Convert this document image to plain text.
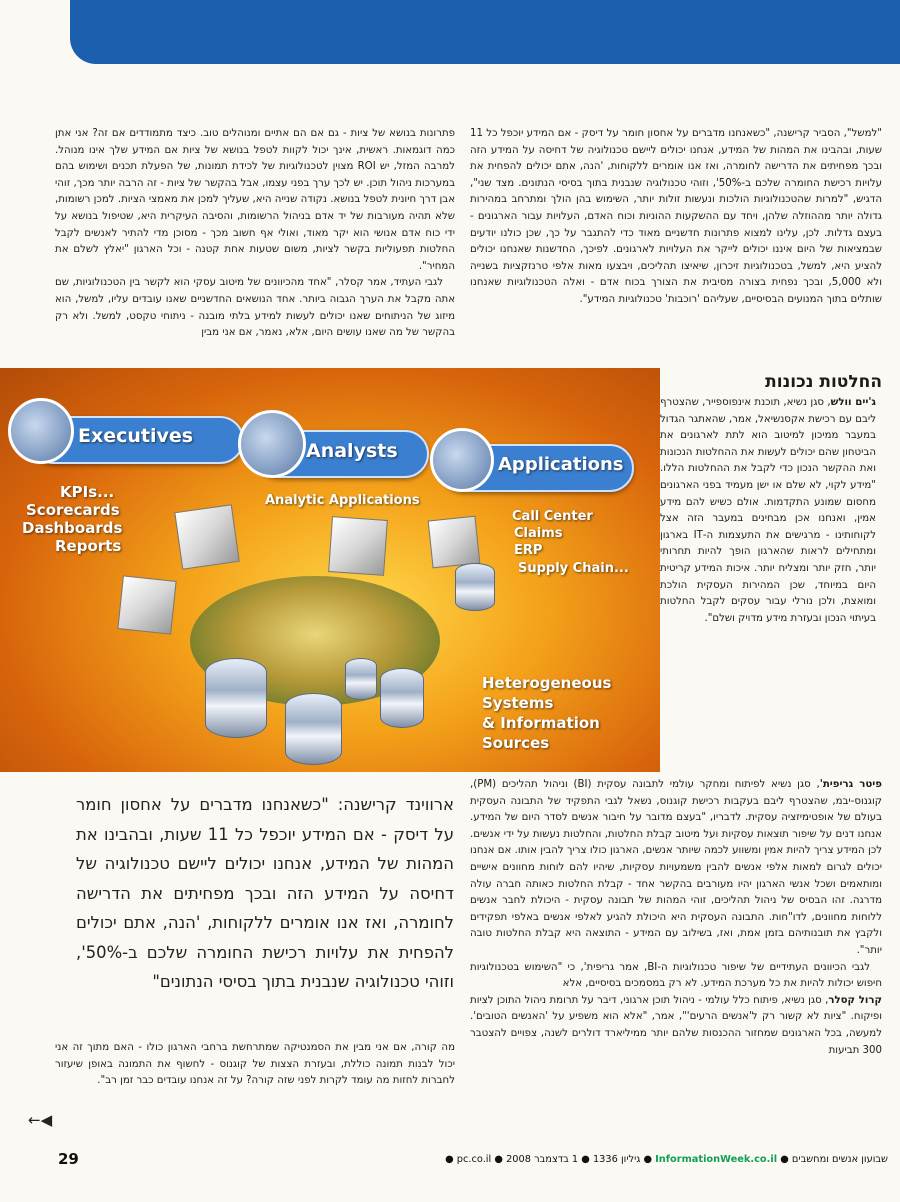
"למשל", הסביר קרישנה, "כשאנחנו מדברים על אחסון חומר על דיסק - אם המידע יוכפל כל 11 שעות, ובהבינו את המהות של המידע, אנחנו יכולים ליישם טכנולוגיה של דחיסה על המידע הזה ובכך מפחיתים את הדרישה לחומרה, ואז אנו אומרים ללקוחות, 'הנה, אתם יכולים להפחית את עלויות רכישת החומרה שלכם ב-50%', וזוהי טכנולוגיה שנבנית בתוך בסיסי הנתונים. מצד שני", הדגיש, "למרות שהטכנולוגיות הולכות ונעשות זולות יותר, השימוש בהן הולך ומתרחב במהירות גדולה יותר מההוזלה שלהן, ויחד עם ההשקעות ההוניות וכוח האדם, העלויות עבור הארגונים - בעצם גדלות. לכן, עלינו למצוא פתרונות חדשניים מאוד כדי להתגבר על כך, שכן כולנו יודעים שבמציאות של היום איננו יכולים לייקר את העלויות לארגונים. לפיכך, החדשנות שאנחנו יכולים להציע היא, למשל, בטכנולוגיות זיכרון, שיאיצו תהליכים, ויבצעו מאות אלפי טרנזקציות בשנייה ולא 5,000, ובכך נפחית בצורה מסיבית את הצורך בכוח אדם - ואלה הטכנולוגיות שאנחנו שותלים בתוך המנועים הבסיסיים, שעליהם 'רוכבות' טכנולוגיות המידע".

פתרונות בנושא של ציות - גם אם הם אתיים ומנוהלים טוב. כיצד מתמודדים אם זה? אני אתן כמה דוגמאות. ראשית, אינך יכול לקוות לטפל בנושא של ציות אם המידע שלך אינו מנוהל. למרבה המזל, יש ROI מצוין לטכנולוגיות של לכידת תמונות, של הפעלת תכנים ושימוש בהם במערכות ניהול תוכן. יש לכך ערך בפני עצמו, אבל בהקשר של ציות - זה הרבה יותר מכך, זוהי אבן דרך חיונית לטפל בנושא. נקודה שנייה היא, שעליך למכן את מאמצי הציות. למכן רשומות, שלא תהיה מעורבות של יד אדם בניהול הרשומות, והסיבה העיקרית היא, שטיפול בנושא על ידי כוח אדם אנושי הוא יקר מאוד, ואולי אף חשוב מכך - מסוכן מדי להתיר לאנשים לקבל החלטות תפעוליות בקשר לציות, משום שטעות אחת קטנה - וכל הארגון "יאלץ לשלם את המחיר".

לגבי העתיד, אמר קסלר, "אחד מהכיוונים של מיטוב עסקי הוא לקשר בין הטכנולוגיות, שם אתה מקבל את הערך הגבוה ביותר. אחד הנושאים החדשניים שאנו עובדים עליו, למשל, הוא מיזוג של הניתוחים שאנו יכולים לעשות למידע בלתי מובנה - ניתוחי טקסט, למשל. ולא רק בהקשר של מה שאנו עושים היום, אלא, נאמר, אם אני מבין

החלטות נכונות

ג'יים וולש, סגן נשיא, תוכנת אינפוספייר, שהצטרף ליבם עם רכישת אקסנשיאל, אמר, שהאתגר הגדול במעבר ממיכון למיטוב הוא לתת לארגונים את הביטחון שהם יכולים לעשות את ההחלטות הנכונות ואת ההקשר הנכון כדי לקבל את ההחלטות הללו. "מידע לקוי, לא שלם או ישן מעמיד בפני הארגונים מחסום שמונע התקדמות. אולם כשיש להם מידע אמין, ואנחנו אכן מבחינים במעבר הזה אצל לקוחותינו - מרגישים את התעצמות ה-IT בארגון ומתחילים לראות שהארגון הופך להיות תחרותי יותר, חזק יותר ומצליח יותר. איכות המידע קריטית היום במיוחד, שכן המהירות העסקית הולכת ומואצת, ולכן נורלי עבור עסקים לקבל החלטות בעיתוי הנכון ובעזרת מידע מדויק ושלם".

Executives
Analysts
Applications
KPIs...
Scorecards
Dashboards
Reports
Analytic Applications
Call Center
Claims
ERP
Supply Chain...
Heterogeneous
Systems
& Information Sources
ארווינד קרישנה: "כשאנחנו מדברים על אחסון חומר על דיסק - אם המידע יוכפל כל 11 שעות, ובהבינו את המהות של המידע, אנחנו יכולים ליישם טכנולוגיה של דחיסה על המידע הזה ובכך מפחיתים את הדרישה לחומרה, ואז אנו אומרים ללקוחות, 'הנה, אתם יכולים להפחית את עלויות רכישת החומרה שלכם ב-50%', וזוהי טכנולוגיה שנבנית בתוך בסיסי הנתונים"

פיטר גריפית', סגן נשיא לפיתוח ומחקר עולמי לתבונה עסקית (BI) וניהול תהליכים (PM), קוגנוס-יבמ, שהצטרף ליבם בעקבות רכישת קוגנוס, נשאל לגבי התפקיד של התבונה העסקית בעולם של אופטימיזציה עסקית. לדבריו, "בעצם מדובר על חיבור אנשים לסדר היום של המידע. אנחנו דנים על שיפור תוצאות עסקיות ועל מיטוב קבלת החלטות, והחלטות נעשות על ידי אנשים. לכן המידע צריך להיות אמין ומשווע לכמה שיותר אנשים, הארגון כולו צריך להבין אותו. אם אנחנו יכולים לגרום למאות אלפי אנשים להבין משמעויות עסקיות, שיהיו להם לוחות מחוונים אישיים ומותאמים ושכל אנשי הארגון יהיו מעורבים בהקשר אחד - קבלת החלטות כאותה חברה עולה מדרגה. זהו הבסיס של ניהול תהליכים, זוהי המהות של תבונה עסקית - היכולת לחבר אנשים ללוחות מחוונים, לדו"חות. התבונה העסקית היא היכולת להגיע לאלפי אנשים באלפי תפקידים ולקבץ את תובנותיהם בזמן אמת, ואז, בשילוב עם המידע - התוצאה היא קבלת החלטות טובה יותר".

לגבי הכיוונים העתידיים של שיפור טכנולוגיות ה-BI, אמר גריפית', כי "השימוש בטכנולוגיות חיפוש יכולות להיות את כל מערכת המידע. לא רק במסמכים בסיסיים, אלא

קרול קסלר, סגן נשיא, פיתוח כלל עולמי - ניהול תוכן ארגוני, דיבר על תרומת ניהול התוכן לציות ופיקוח. "ציות לא קשור רק ל'אנשים הרעים'", אמר, "אלא הוא משפיע על 'האנשים הטובים'. למעשה, בכל הארגונים שמחזור ההכנסות שלהם יותר ממיליארד דולרים לשנה, צפויים להצטבר 300 תביעות

מה קורה, אם אני מבין את הסמנטיקה שמתרחשת ברחבי הארגון כולו - האם מתוך זה אני יכול לבנות תמונה כוללת, ובעזרת הצצות של קוגנוס - לחשוף את התמונה באופן שיעזור לחברות לחזות מה עומד לקרות לפני שזה קורה? על זה אנחנו עובדים כבר זמן רב".

←◀
שבועון אנשים ומחשבים ● InformationWeek.co.il ● גיליון 1336 ● 1 בדצמבר 2008 ● pc.co.il ●
29
